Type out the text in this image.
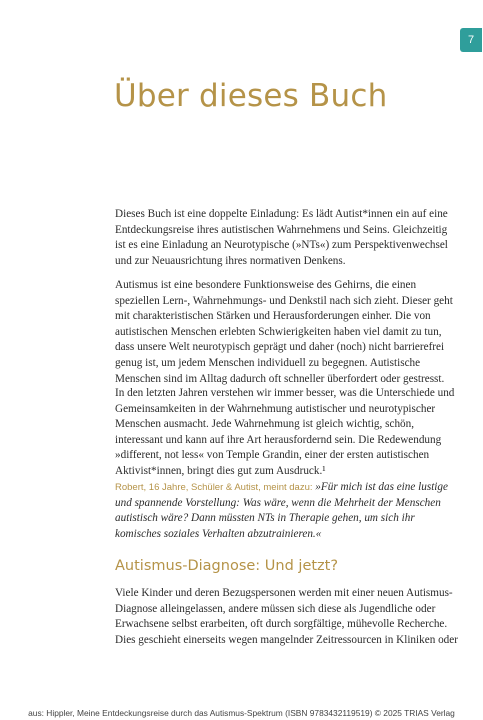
7
Über dieses Buch

Dieses Buch ist eine doppelte Einladung: Es lädt Autist*innen ein auf eine Entdeckungsreise ihres autistischen Wahrnehmens und Seins. Gleichzeitig ist es eine Einladung an Neurotypische (»NTs«) zum Perspektivenwechsel und zur Neuausrichtung ihres normativen Denkens.

Autismus ist eine besondere Funktionsweise des Gehirns, die einen speziellen Lern-, Wahrnehmungs- und Denkstil nach sich zieht. Dieser geht mit charakteristischen Stärken und Herausforderungen einher. Die von autistischen Menschen erlebten Schwierigkeiten haben viel damit zu tun, dass unsere Welt neurotypisch geprägt und daher (noch) nicht barrierefrei genug ist, um jedem Menschen individuell zu begegnen. Autistische Menschen sind im Alltag dadurch oft schneller überfordert oder gestresst.

In den letzten Jahren verstehen wir immer besser, was die Unterschiede und Gemeinsamkeiten in der Wahrnehmung autistischer und neurotypischer Menschen ausmacht. Jede Wahrnehmung ist gleich wichtig, schön, interessant und kann auf ihre Art herausfordernd sein. Die Redewendung »different, not less« von Temple Grandin, einer der ersten autistischen Aktivist*innen, bringt dies gut zum Ausdruck.¹

Robert, 16 Jahre, Schüler & Autist, meint dazu: »Für mich ist das eine lustige und spannende Vorstellung: Was wäre, wenn die Mehrheit der Menschen autistisch wäre? Dann müssten NTs in Therapie gehen, um sich ihr komisches soziales Verhalten abzutrainieren.«

Autismus-Diagnose: Und jetzt?

Viele Kinder und deren Bezugspersonen werden mit einer neuen Autismus-Diagnose alleingelassen, andere müssen sich diese als Jugendliche oder Erwachsene selbst erarbeiten, oft durch sorgfältige, mühevolle Recherche. Dies geschieht einerseits wegen mangelnder Zeitressourcen in Kliniken oder

aus: Hippler, Meine Entdeckungsreise durch das Autismus-Spektrum (ISBN 9783432119519) © 2025 TRIAS Verlag
